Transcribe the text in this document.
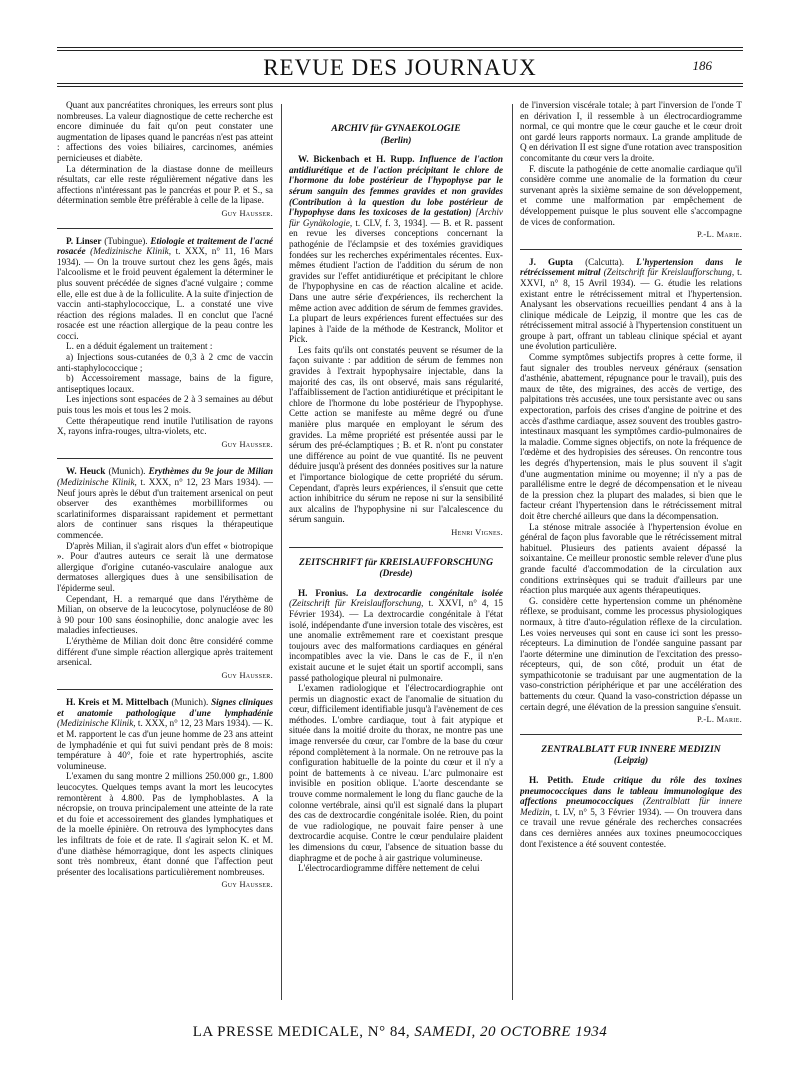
REVUE DES JOURNAUX	186

Quant aux pancréatites chroniques, les erreurs sont plus nombreuses. La valeur diagnostique de cette recherche est encore diminuée du fait qu'on peut constater une augmentation de lipases quand le pancréas n'est pas atteint : affections des voies biliaires, carcinomes, anémies pernicieuses et diabète.

La détermination de la diastase donne de meilleurs résultats, car elle reste régulièrement négative dans les affections n'intéressant pas le pancréas et pour P. et S., sa détermination semble être préférable à celle de la lipase.

Guy Hausser.

P. Linser (Tubingue). Etiologie et traitement de l'acné rosacée (Medizinische Klinik, t. XXX, n° 11, 16 Mars 1934). — On la trouve surtout chez les gens âgés, mais l'alcoolisme et le froid peuvent également la déterminer le plus souvent précédée de signes d'acné vulgaire ; comme elle, elle est due à de la folliculite. A la suite d'injection de vaccin anti-staphylococcique, L. a constaté une vive réaction des régions malades. Il en conclut que l'acné rosacée est une réaction allergique de la peau contre les cocci.

L. en a déduit également un traitement :

a) Injections sous-cutanées de 0,3 à 2 cmc de vaccin anti-staphylococcique ;

b) Accessoirement massage, bains de la figure, antiseptiques locaux.

Les injections sont espacées de 2 à 3 semaines au début puis tous les mois et tous les 2 mois.

Cette thérapeutique rend inutile l'utilisation de rayons X, rayons infra-rouges, ultra-violets, etc.

Guy Hausser.

W. Heuck (Munich). Erythèmes du 9e jour de Milian (Medizinische Klinik, t. XXX, n° 12, 23 Mars 1934). — Neuf jours après le début d'un traitement arsenical on peut observer des exanthèmes morbilliformes ou scarlatiniformes disparaissant rapidement et permettant alors de continuer sans risques la thérapeutique commencée.

D'après Milian, il s'agirait alors d'un effet « biotropique ». Pour d'autres auteurs ce serait là une dermatose allergique d'origine cutanéo-vasculaire analogue aux dermatoses allergiques dues à une sensibilisation de l'épiderme seul.

Cependant, H. a remarqué que dans l'érythème de Milian, on observe de la leucocytose, polynucléose de 80 à 90 pour 100 sans éosinophilie, donc analogie avec les maladies infectieuses.

L'érythème de Milian doit donc être considéré comme différent d'une simple réaction allergique après traitement arsenical.

Guy Hausser.

H. Kreis et M. Mittelbach (Munich). Signes cliniques et anatomie pathologique d'une lymphadénie (Medizinische Klinik, t. XXX, n° 12, 23 Mars 1934). — K. et M. rapportent le cas d'un jeune homme de 23 ans atteint de lymphadénie et qui fut suivi pendant près de 8 mois: température à 40°, foie et rate hypertrophiés, ascite volumineuse.

L'examen du sang montre 2 millions 250.000 gr., 1.800 leucocytes. Quelques temps avant la mort les leucocytes remontèrent à 4.800. Pas de lymphoblastes. A la nécropsie, on trouva principalement une atteinte de la rate et du foie et accessoirement des glandes lymphatiques et de la moelle épinière. On retrouva des lymphocytes dans les infiltrats de foie et de rate. Il s'agirait selon K. et M. d'une diathèse hémorragique, dont les aspects cliniques sont très nombreux, étant donné que l'affection peut présenter des localisations particulièrement nombreuses.

Guy Hausser.
ARCHIV für GYNAEKOLOGIE
(Berlin)

W. Bickenbach et H. Rupp. Influence de l'action antidiurétique et de l'action précipitant le chlore de l'hormone du lobe postérieur de l'hypophyse par le sérum sanguin des femmes gravides et non gravides (Contribution à la question du lobe postérieur de l'hypophyse dans les toxicoses de la gestation) [Archiv für Gynäkologie, t. CLV, f. 3, 1934]. — B. et R. passent en revue les diverses conceptions concernant la pathogénie de l'éclampsie et des toxémies gravidiques fondées sur les recherches expérimentales récentes. Eux-mêmes étudient l'action de l'addition du sérum de non gravides sur l'effet antidiurétique et précipitant le chlore de l'hypophysine en cas de réaction alcaline et acide. Dans une autre série d'expériences, ils recherchent la même action avec addition de sérum de femmes gravides. La plupart de leurs expériences furent effectuées sur des lapines à l'aide de la méthode de Kestranck, Molitor et Pick.

Les faits qu'ils ont constatés peuvent se résumer de la façon suivante : par addition de sérum de femmes non gravides à l'extrait hypophysaire injectable, dans la majorité des cas, ils ont observé, mais sans régularité, l'affaiblissement de l'action antidiurétique et précipitant le chlore de l'hormone du lobe postérieur de l'hypophyse. Cette action se manifeste au même degré ou d'une manière plus marquée en employant le sérum des gravides. La même propriété est présentée aussi par le sérum des pré-éclamptiques ; B. et R. n'ont pu constater une différence au point de vue quantité. Ils ne peuvent déduire jusqu'à présent des données positives sur la nature et l'importance biologique de cette propriété du sérum. Cependant, d'après leurs expériences, il s'ensuit que cette action inhibitrice du sérum ne repose ni sur la sensibilité aux alcalins de l'hypophysine ni sur l'alcalescence du sérum sanguin.

Henri Vignes.
ZEITSCHRIFT für KREISLAUFFORSCHUNG
(Dresde)

H. Fronius. La dextrocardie congénitale isolée (Zeitschrift für Kreislaufforschung, t. XXVI, n° 4, 15 Février 1934). — La dextrocardie congénitale à l'état isolé, indépendante d'une inversion totale des viscères, est une anomalie extrêmement rare et coexistant presque toujours avec des malformations cardiaques en général incompatibles avec la vie. Dans le cas de F., il n'en existait aucune et le sujet était un sportif accompli, sans passé pathologique pleural ni pulmonaire.

L'examen radiologique et l'électrocardiographie ont permis un diagnostic exact de l'anomalie de situation du cœur, difficilement identifiable jusqu'à l'avènement de ces méthodes. L'ombre cardiaque, tout à fait atypique et située dans la moitié droite du thorax, ne montre pas une image renversée du cœur, car l'ombre de la base du cœur répond complètement à la normale. On ne retrouve pas la configuration habituelle de la pointe du cœur et il n'y a point de battements à ce niveau. L'arc pulmonaire est invisible en position oblique. L'aorte descendante se trouve comme normalement le long du flanc gauche de la colonne vertébrale, ainsi qu'il est signalé dans la plupart des cas de dextrocardie congénitale isolée. Rien, du point de vue radiologique, ne pouvait faire penser à une dextrocardie acquise. Contre le cœur pendulaire plaident les dimensions du cœur, l'absence de situation basse du diaphragme et de poche à air gastrique volumineuse.

L'électrocardiogramme diffère nettement de celui

de l'inversion viscérale totale; à part l'inversion de l'onde T en dérivation I, il ressemble à un électrocardiogramme normal, ce qui montre que le cœur gauche et le cœur droit ont gardé leurs rapports normaux. La grande amplitude de Q en dérivation II est signe d'une rotation avec transposition concomitante du cœur vers la droite.

F. discute la pathogénie de cette anomalie cardiaque qu'il considère comme une anomalie de la formation du cœur survenant après la sixième semaine de son développement, et comme une malformation par empêchement de développement puisque le plus souvent elle s'accompagne de vices de conformation.

P.-L. Marie.

J. Gupta (Calcutta). L'hypertension dans le rétrécissement mitral (Zeitschrift für Kreislaufforschung, t. XXVI, n° 8, 15 Avril 1934). — G. étudie les relations existant entre le rétrécissement mitral et l'hypertension. Analysant les observations recueillies pendant 4 ans à la clinique médicale de Leipzig, il montre que les cas de rétrécissement mitral associé à l'hypertension constituent un groupe à part, offrant un tableau clinique spécial et ayant une évolution particulière.

Comme symptômes subjectifs propres à cette forme, il faut signaler des troubles nerveux généraux (sensation d'asthénie, abattement, répugnance pour le travail), puis des maux de tête, des migraines, des accès de vertige, des palpitations très accusées, une toux persistante avec ou sans expectoration, parfois des crises d'angine de poitrine et des accès d'asthme cardiaque, assez souvent des troubles gastro-intestinaux masquant les symptômes cardio-pulmonaires de la maladie. Comme signes objectifs, on note la fréquence de l'œdème et des hydropisies des séreuses. On rencontre tous les degrés d'hypertension, mais le plus souvent il s'agit d'une augmentation minime ou moyenne; il n'y a pas de parallélisme entre le degré de décompensation et le niveau de la pression chez la plupart des malades, si bien que le facteur créant l'hypertension dans le rétrécissement mitral doit être cherché ailleurs que dans la décompensation.

La sténose mitrale associée à l'hypertension évolue en général de façon plus favorable que le rétrécissement mitral habituel. Plusieurs des patients avaient dépassé la soixantaine. Ce meilleur pronostic semble relever d'une plus grande faculté d'accommodation de la circulation aux conditions extrinsèques qui se traduit d'ailleurs par une réaction plus marquée aux agents thérapeutiques.

G. considère cette hypertension comme un phénomène réflexe, se produisant, comme les processus physiologiques normaux, à titre d'auto-régulation réflexe de la circulation. Les voies nerveuses qui sont en cause ici sont les presso-récepteurs. La diminution de l'ondée sanguine passant par l'aorte détermine une diminution de l'excitation des presso-récepteurs, qui, de son côté, produit un état de sympathicotonie se traduisant par une augmentation de la vaso-constriction périphérique et par une accélération des battements du cœur. Quand la vaso-constriction dépasse un certain degré, une élévation de la pression sanguine s'ensuit.

P.-L. Marie.
ZENTRALBLATT FUR INNERE MEDIZIN
(Leipzig)

H. Petith. Etude critique du rôle des toxines pneumococciques dans le tableau immunologique des affections pneumococciques (Zentralblatt für innere Medizin, t. LV, n° 5, 3 Février 1934). — On trouvera dans ce travail une revue générale des recherches consacrées dans ces dernières années aux toxines pneumococciques dont l'existence a été souvent contestée.

LA PRESSE MEDICALE, N° 84, SAMEDI, 20 OCTOBRE 1934
